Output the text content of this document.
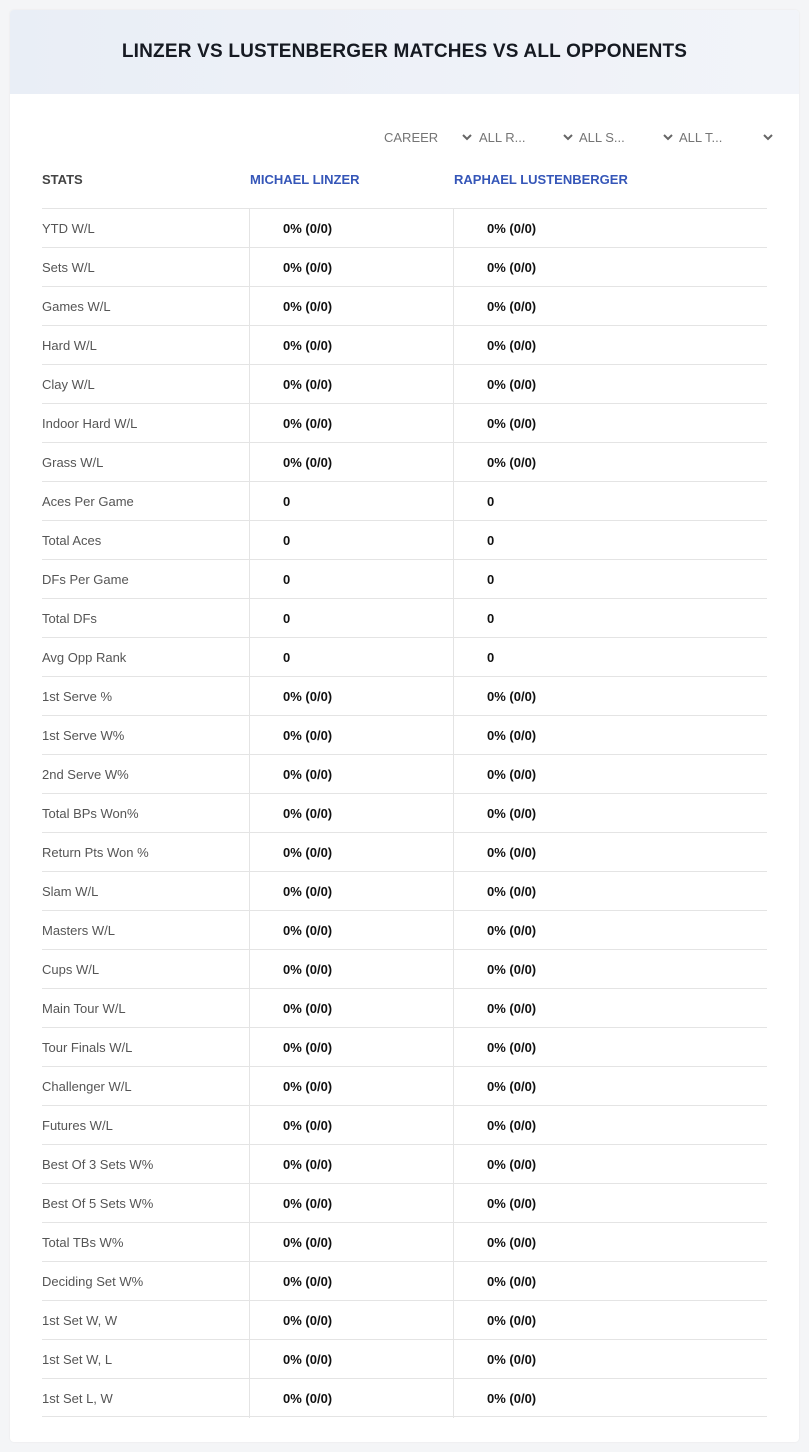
LINZER VS LUSTENBERGER MATCHES VS ALL OPPONENTS
CAREER	ALL R...	ALL S...	ALL T...
STATS	MICHAEL LINZER	RAPHAEL LUSTENBERGER
YTD W/L	0% (0/0)	0% (0/0)
Sets W/L	0% (0/0)	0% (0/0)
Games W/L	0% (0/0)	0% (0/0)
Hard W/L	0% (0/0)	0% (0/0)
Clay W/L	0% (0/0)	0% (0/0)
Indoor Hard W/L	0% (0/0)	0% (0/0)
Grass W/L	0% (0/0)	0% (0/0)
Aces Per Game	0	0
Total Aces	0	0
DFs Per Game	0	0
Total DFs	0	0
Avg Opp Rank	0	0
1st Serve %	0% (0/0)	0% (0/0)
1st Serve W%	0% (0/0)	0% (0/0)
2nd Serve W%	0% (0/0)	0% (0/0)
Total BPs Won%	0% (0/0)	0% (0/0)
Return Pts Won %	0% (0/0)	0% (0/0)
Slam W/L	0% (0/0)	0% (0/0)
Masters W/L	0% (0/0)	0% (0/0)
Cups W/L	0% (0/0)	0% (0/0)
Main Tour W/L	0% (0/0)	0% (0/0)
Tour Finals W/L	0% (0/0)	0% (0/0)
Challenger W/L	0% (0/0)	0% (0/0)
Futures W/L	0% (0/0)	0% (0/0)
Best Of 3 Sets W%	0% (0/0)	0% (0/0)
Best Of 5 Sets W%	0% (0/0)	0% (0/0)
Total TBs W%	0% (0/0)	0% (0/0)
Deciding Set W%	0% (0/0)	0% (0/0)
1st Set W, W	0% (0/0)	0% (0/0)
1st Set W, L	0% (0/0)	0% (0/0)
1st Set L, W	0% (0/0)	0% (0/0)
